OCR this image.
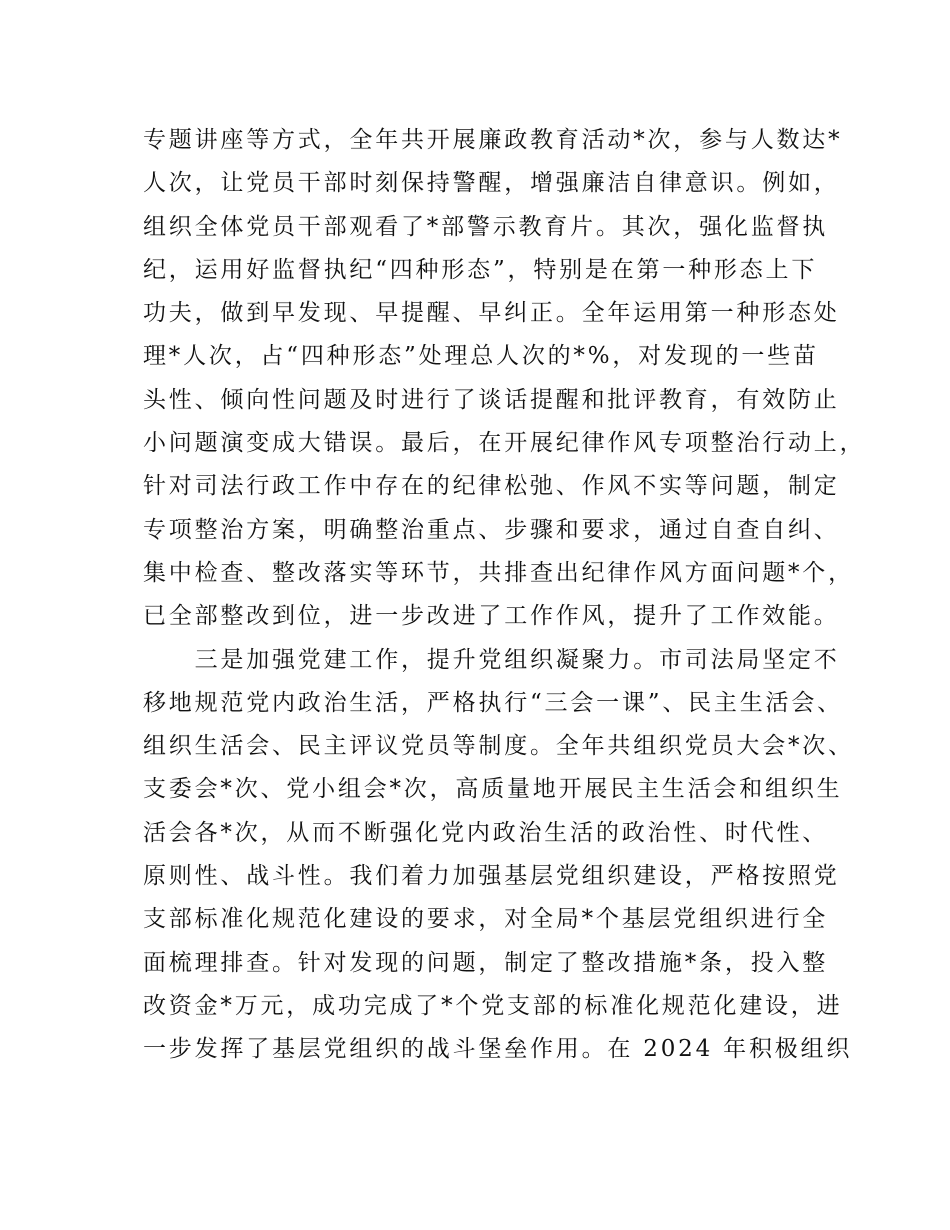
专题讲座等方式，全年共开展廉政教育活动*次，参与人数达*
人次，让党员干部时刻保持警醒，增强廉洁自律意识。例如，
组织全体党员干部观看了*部警示教育片。其次，强化监督执
纪，运用好监督执纪“四种形态”，特别是在第一种形态上下
功夫，做到早发现、早提醒、早纠正。全年运用第一种形态处
理*人次，占“四种形态”处理总人次的*%，对发现的一些苗
头性、倾向性问题及时进行了谈话提醒和批评教育，有效防止
小问题演变成大错误。最后，在开展纪律作风专项整治行动上，
针对司法行政工作中存在的纪律松弛、作风不实等问题，制定
专项整治方案，明确整治重点、步骤和要求，通过自查自纠、
集中检查、整改落实等环节，共排查出纪律作风方面问题*个，
已全部整改到位，进一步改进了工作作风，提升了工作效能。
　　三是加强党建工作，提升党组织凝聚力。市司法局坚定不
移地规范党内政治生活，严格执行“三会一课”、民主生活会、
组织生活会、民主评议党员等制度。全年共组织党员大会*次、
支委会*次、党小组会*次，高质量地开展民主生活会和组织生
活会各*次，从而不断强化党内政治生活的政治性、时代性、
原则性、战斗性。我们着力加强基层党组织建设，严格按照党
支部标准化规范化建设的要求，对全局*个基层党组织进行全
面梳理排查。针对发现的问题，制定了整改措施*条，投入整
改资金*万元，成功完成了*个党支部的标准化规范化建设，进
一步发挥了基层党组织的战斗堡垒作用。在 2024 年积极组织
